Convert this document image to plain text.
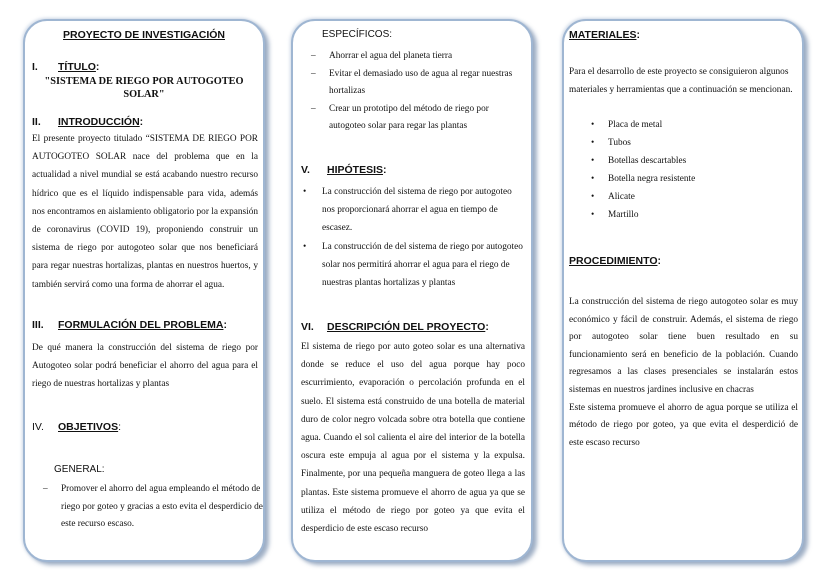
PROYECTO DE INVESTIGACIÓN
I. TÍTULO:
"SISTEMA DE RIEGO POR AUTOGOTEO
SOLAR"
II. INTRODUCCIÓN:
El presente proyecto titulado “SISTEMA DE RIEGO POR AUTOGOTEO SOLAR nace del problema que en la actualidad a nivel mundial se está acabando nuestro recurso hídrico que es el líquido indispensable para vida, además nos encontramos en aislamiento obligatorio por la expansión de coronavirus (COVID 19), proponiendo construir un sistema de riego por autogoteo solar que nos beneficiará para regar nuestras hortalizas, plantas en nuestros huertos, y también servirá como una forma de ahorrar el agua.
III. FORMULACIÓN DEL PROBLEMA:
De qué manera la construcción del sistema de riego por Autogoteo solar podrá beneficiar el ahorro del agua para el riego de nuestras hortalizas y plantas
IV. OBJETIVOS:
GENERAL:
– Promover el ahorro del agua empleando el método de riego por goteo y gracias a esto evita el desperdicio de este recurso escaso.
ESPECÍFICOS:
– Ahorrar el agua del planeta tierra
– Evitar el demasiado uso de agua al regar nuestras hortalizas
– Crear un prototipo del método de riego por autogoteo solar para regar las plantas
V. HIPÓTESIS:
• La construcción del sistema de riego por autogoteo nos proporcionará ahorrar el agua en tiempo de escasez.
• La construcción de del sistema de riego por autogoteo solar nos permitirá ahorrar el agua para el riego de nuestras plantas hortalizas y plantas
VI. DESCRIPCIÓN DEL PROYECTO:
El sistema de riego por auto goteo solar es una alternativa donde se reduce el uso del agua porque hay poco escurrimiento, evaporación o percolación profunda en el suelo. El sistema está construido de una botella de material duro de color negro volcada sobre otra botella que contiene agua. Cuando el sol calienta el aire del interior de la botella oscura este empuja al agua por el sistema y la expulsa. Finalmente, por una pequeña manguera de goteo llega a las plantas. Este sistema promueve el ahorro de agua ya que se utiliza el método de riego por goteo ya que evita el desperdicio de este escaso recurso
MATERIALES:
Para el desarrollo de este proyecto se consiguieron algunos materiales y herramientas que a continuación se mencionan.
• Placa de metal
• Tubos
• Botellas descartables
• Botella negra resistente
• Alicate
• Martillo
PROCEDIMIENTO:
La construcción del sistema de riego autogoteo solar es muy económico y fácil de construir. Además, el sistema de riego por autogoteo solar tiene buen resultado en su funcionamiento será en beneficio de la población. Cuando regresamos a las clases presenciales se instalarán estos sistemas en nuestros jardines inclusive en chacras
Este sistema promueve el ahorro de agua porque se utiliza el método de riego por goteo, ya que evita el desperdició de este escaso recurso
